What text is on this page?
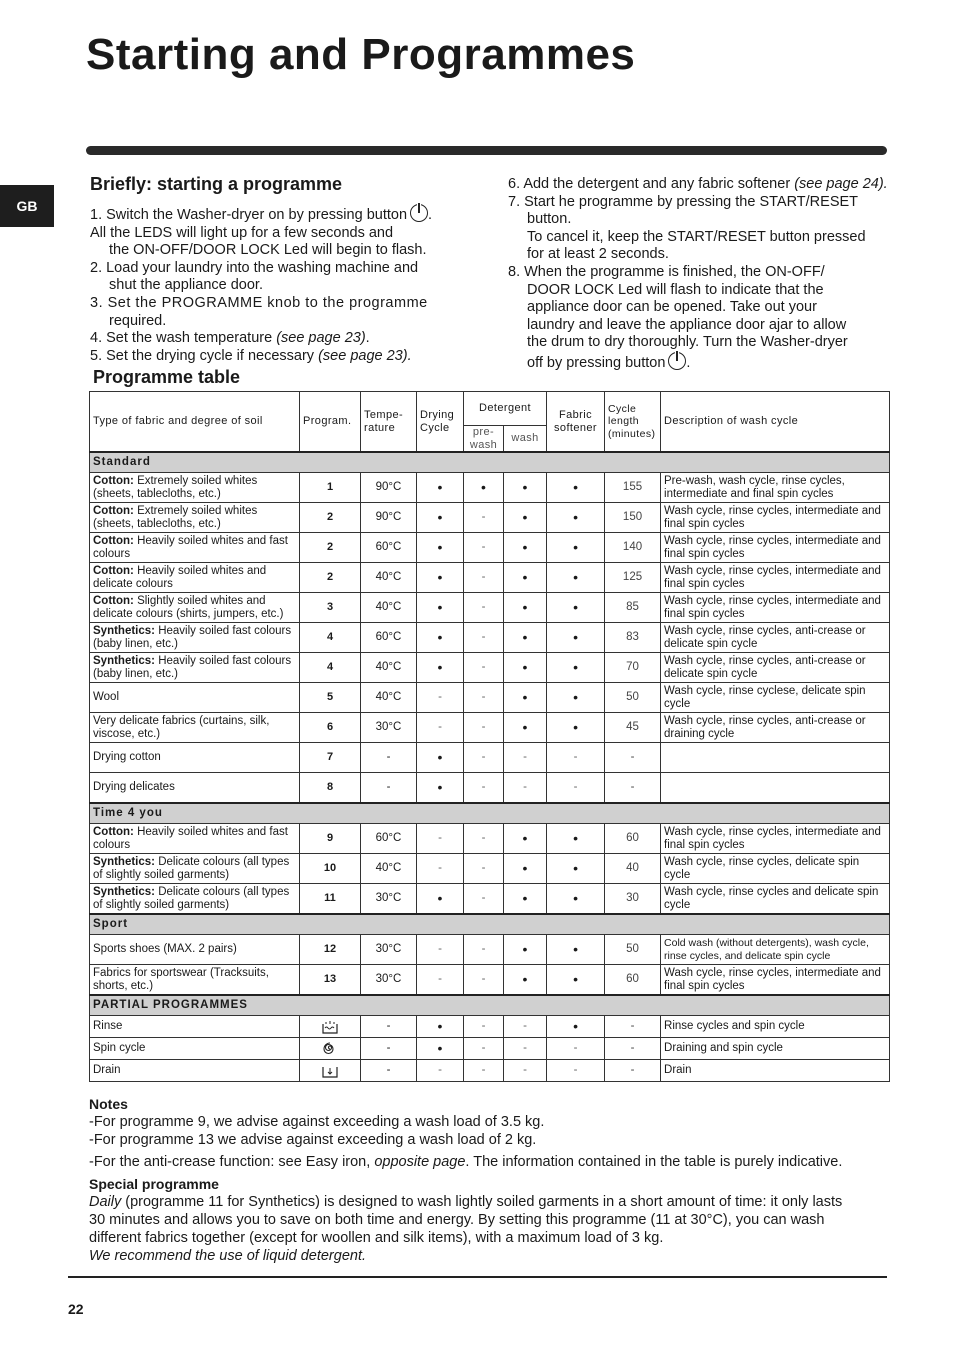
Starting and Programmes
GB
Briefly: starting a programme
1. Switch the Washer-dryer on by pressing button .
All the LEDS will light up for a few seconds and
the ON-OFF/DOOR LOCK Led will begin to flash.
2. Load your laundry into the washing machine and
shut the appliance door.
3. Set the PROGRAMME knob to the programme
required.
4. Set the wash temperature (see page 23).
5. Set the drying cycle if necessary (see page 23).
6. Add the detergent and any fabric softener (see page 24).
7. Start he programme by pressing the START/RESET
button.
To cancel it, keep the START/RESET button pressed
for at least 2 seconds.
8. When the programme is finished, the ON-OFF/
DOOR LOCK Led will flash to indicate that the
appliance door can be opened. Take out your
laundry and leave the appliance door ajar to allow
the drum to dry thoroughly. Turn the Washer-dryer
off by pressing button .
Programme table
Type of fabric and degree of soil	Program.	Tempe- rature	Drying Cycle	Detergent		Fabric softener	Cycle length (minutes)	Description of wash cycle
				pre- wash	wash			
Standard								
Cotton: Extremely soiled whites (sheets, tablecloths, etc.)	1	90°C	•	•	•	•	155	Pre-wash, wash cycle, rinse cycles, intermediate and final spin cycles
Cotton: Extremely soiled whites (sheets, tablecloths, etc.)	2	90°C	•	-	•	•	150	Wash cycle, rinse cycles, intermediate and final spin cycles
Cotton: Heavily soiled whites and fast colours	2	60°C	•	-	•	•	140	Wash cycle, rinse cycles, intermediate and final spin cycles
Cotton: Heavily soiled whites and delicate colours	2	40°C	•	-	•	•	125	Wash cycle, rinse cycles, intermediate and final spin cycles
Cotton: Slightly soiled whites and delicate colours (shirts, jumpers, etc.)	3	40°C	•	-	•	•	85	Wash cycle, rinse cycles, intermediate and final spin cycles
Synthetics: Heavily soiled fast colours (baby linen, etc.)	4	60°C	•	-	•	•	83	Wash cycle, rinse cycles, anti-crease or delicate spin cycle
Synthetics: Heavily soiled fast colours (baby linen, etc.)	4	40°C	•	-	•	•	70	Wash cycle, rinse cycles, anti-crease or delicate spin cycle
Wool	5	40°C	-	-	•	•	50	Wash cycle, rinse cyclese, delicate spin cycle
Very delicate fabrics (curtains, silk, viscose, etc.)	6	30°C	-	-	•	•	45	Wash cycle, rinse cycles, anti-crease or draining cycle
Drying cotton	7	-	•	-	-	-	-	
Drying delicates	8	-	•	-	-	-	-	
Time 4 you								
Cotton: Heavily soiled whites and fast colours	9	60°C	-	-	•	•	60	Wash cycle, rinse cycles, intermediate and final spin cycles
Synthetics: Delicate colours (all types of slightly soiled garments)	10	40°C	-	-	•	•	40	Wash cycle, rinse cycles, delicate spin cycle
Synthetics: Delicate colours (all types of slightly soiled garments)	11	30°C	•	-	•	•	30	Wash cycle, rinse cycles and delicate spin cycle
Sport								
Sports shoes (MAX. 2 pairs)	12	30°C	-	-	•	•	50	Cold wash (without detergents), wash cycle, rinse cycles, and delicate spin cycle
Fabrics for sportswear (Tracksuits, shorts, etc.)	13	30°C	-	-	•	•	60	Wash cycle, rinse cycles, intermediate and final spin cycles
PARTIAL PROGRAMMES								
Rinse		-	•	-	-	•	-	Rinse cycles and spin cycle
Spin cycle		-	•	-	-	-	-	Draining and spin cycle
Drain		-	-	-	-	-	-	Drain
Notes
-For programme 9, we advise against exceeding a wash load of 3.5 kg.
-For programme 13 we advise against exceeding a wash load of 2 kg.
-For the anti-crease function: see Easy iron, opposite page. The information contained in the table is purely indicative.
Special programme
Daily (programme 11 for Synthetics) is designed to wash lightly soiled garments in a short amount of time: it only lasts
30 minutes and allows you to save on both time and energy. By setting this programme (11 at 30°C), you can wash
different fabrics together (except for woollen and silk items), with a maximum load of 3 kg.
We recommend the use of liquid detergent.
22
